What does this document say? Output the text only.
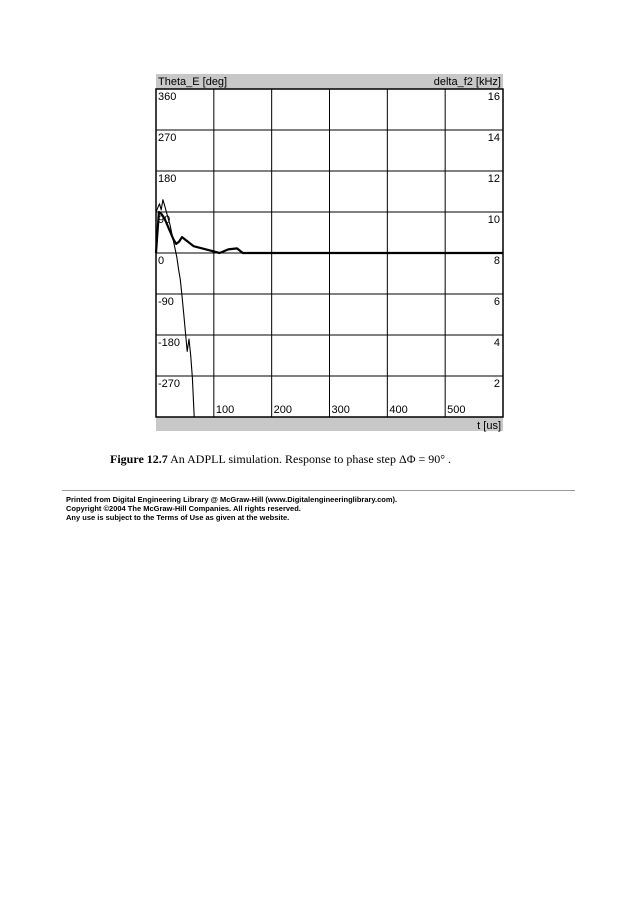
Theta_E [deg]	delta_f2 [kHz]
t [us]
360
270
180
90
0
-90
-180
-270
16
14
12
10
8
6
4
2
100	200	300	400	500
Figure 12.7 An ADPLL simulation. Response to phase step ΔΦ = 90° .
Printed from Digital Engineering Library @ McGraw-Hill (www.Digitalengineeringlibrary.com).
Copyright ©2004 The McGraw-Hill Companies. All rights reserved.
Any use is subject to the Terms of Use as given at the website.
